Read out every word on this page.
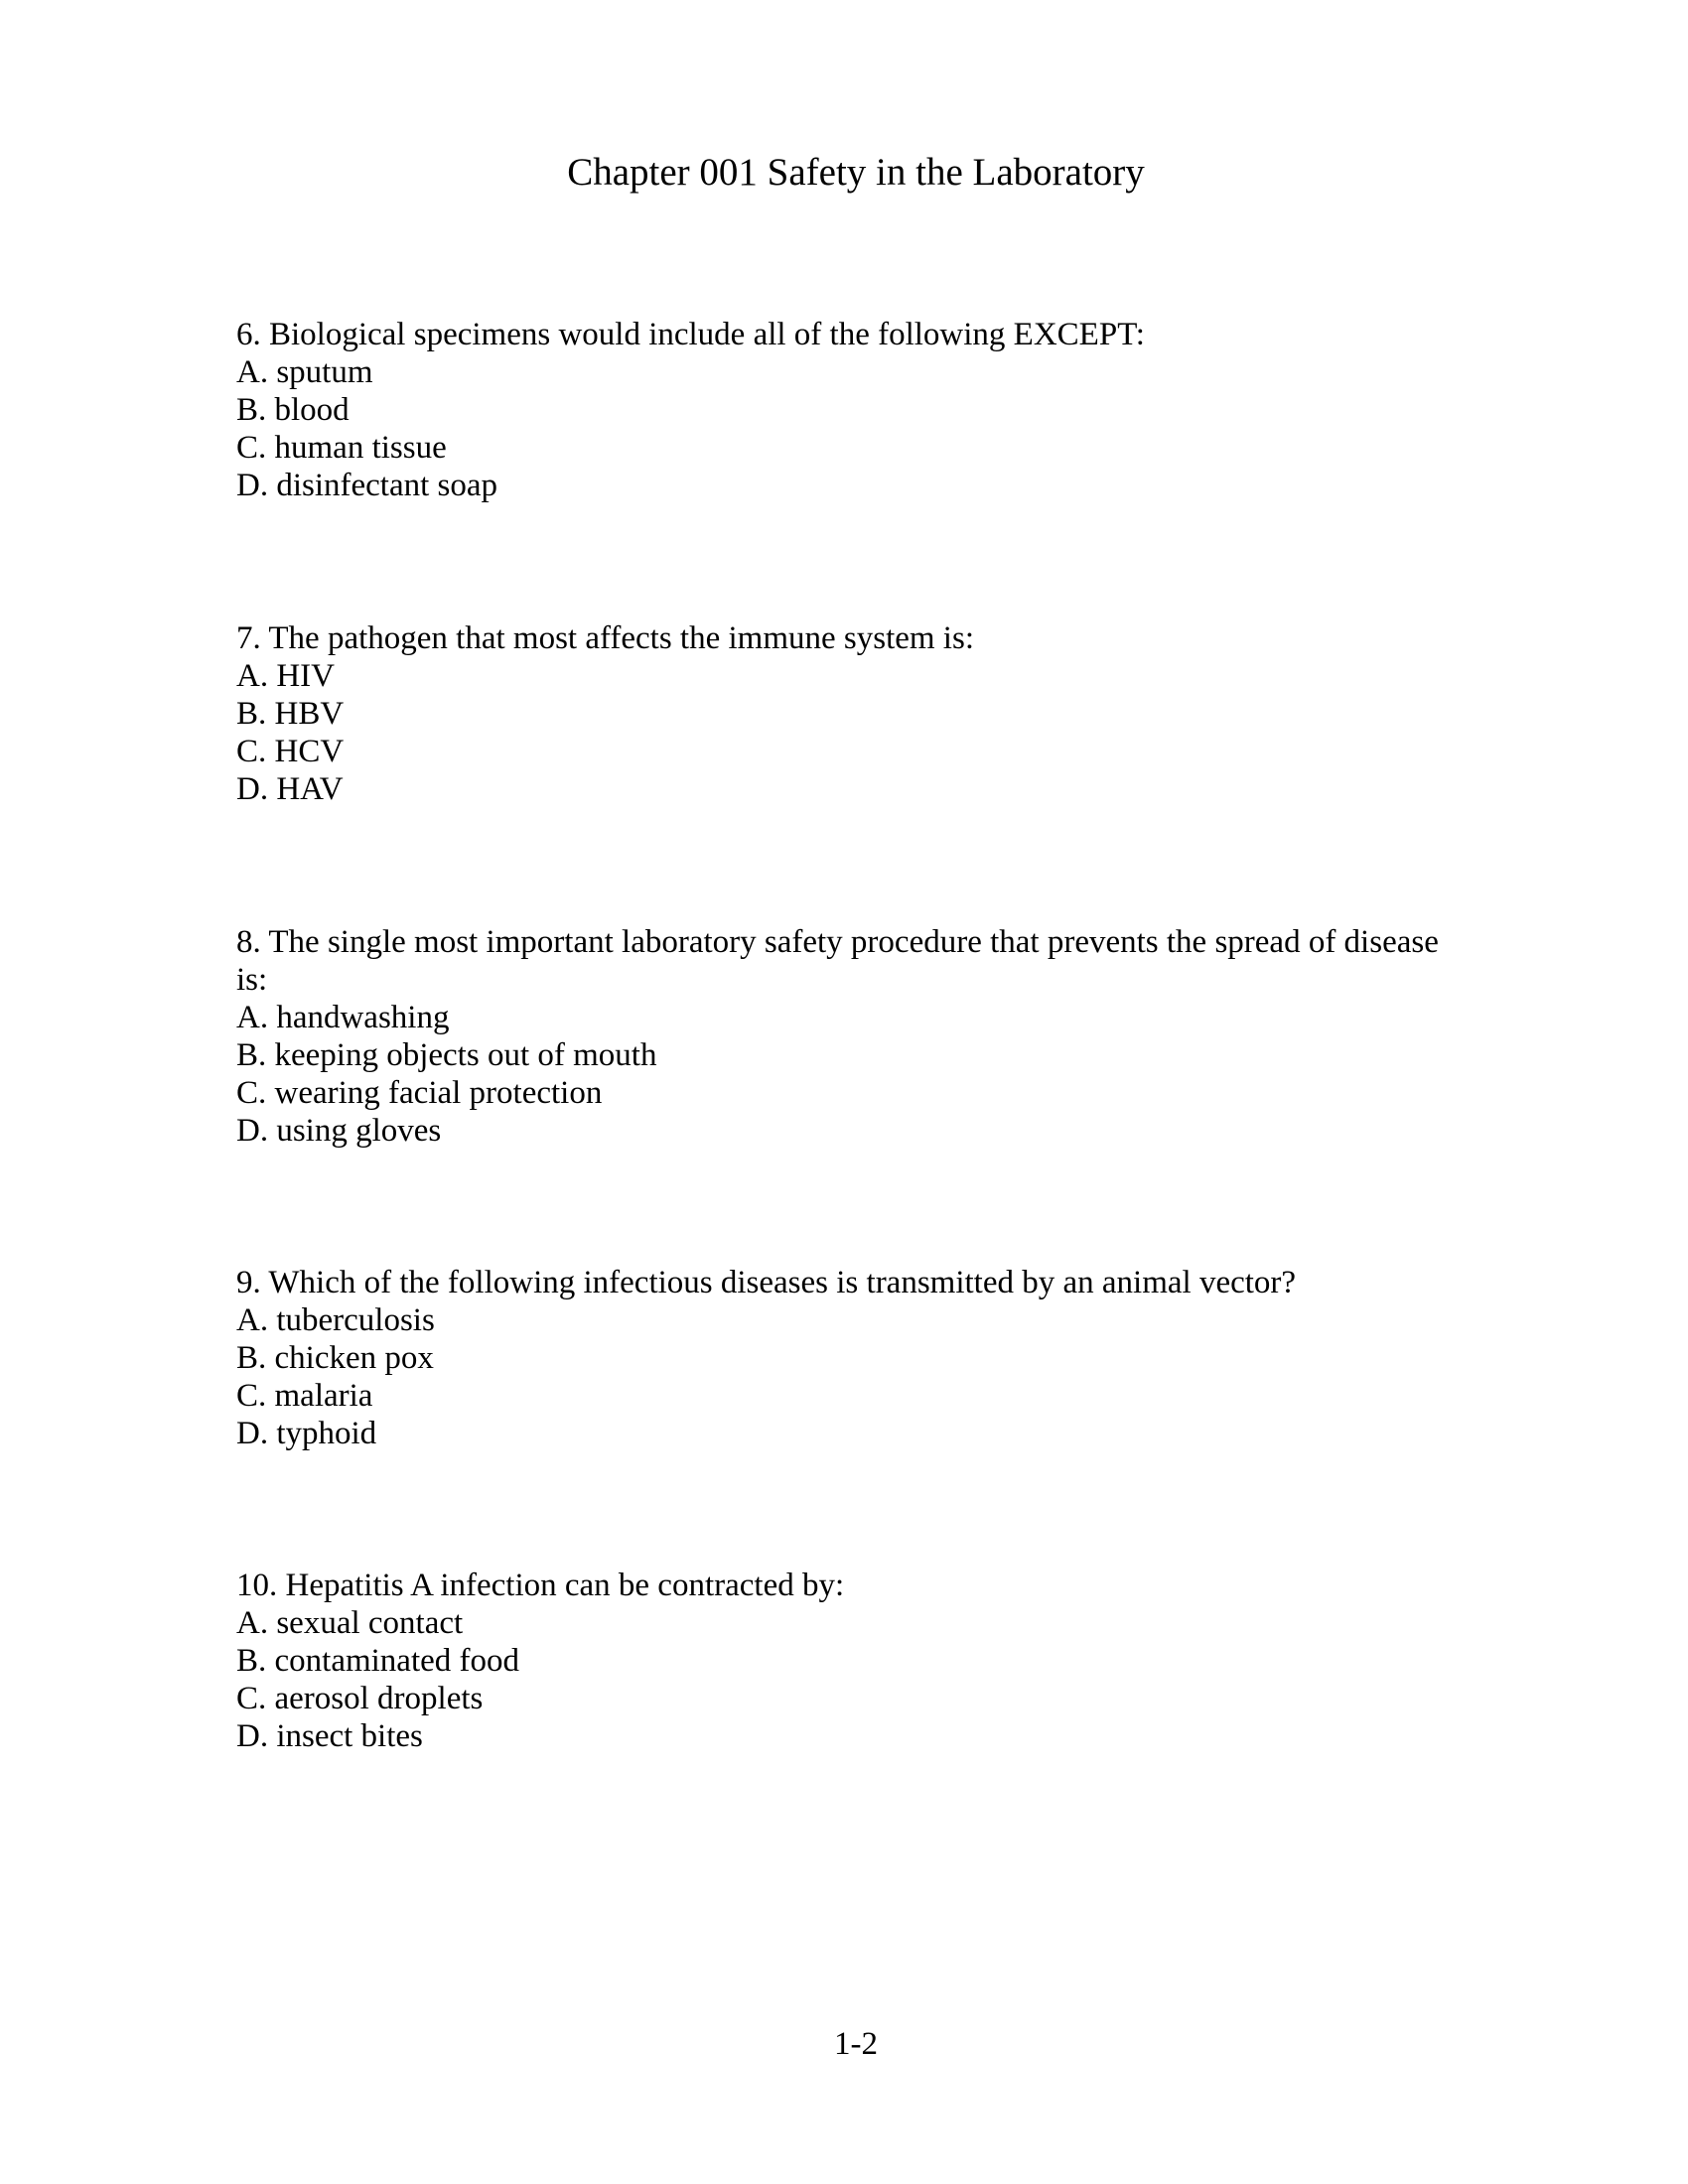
Chapter 001 Safety in the Laboratory
6. Biological specimens would include all of the following EXCEPT:
A. sputum
B. blood
C. human tissue
D. disinfectant soap
7. The pathogen that most affects the immune system is:
A. HIV
B. HBV
C. HCV
D. HAV
8. The single most important laboratory safety procedure that prevents the spread of disease is:
A. handwashing
B. keeping objects out of mouth
C. wearing facial protection
D. using gloves
9. Which of the following infectious diseases is transmitted by an animal vector?
A. tuberculosis
B. chicken pox
C. malaria
D. typhoid
10. Hepatitis A infection can be contracted by:
A. sexual contact
B. contaminated food
C. aerosol droplets
D. insect bites
1-2
